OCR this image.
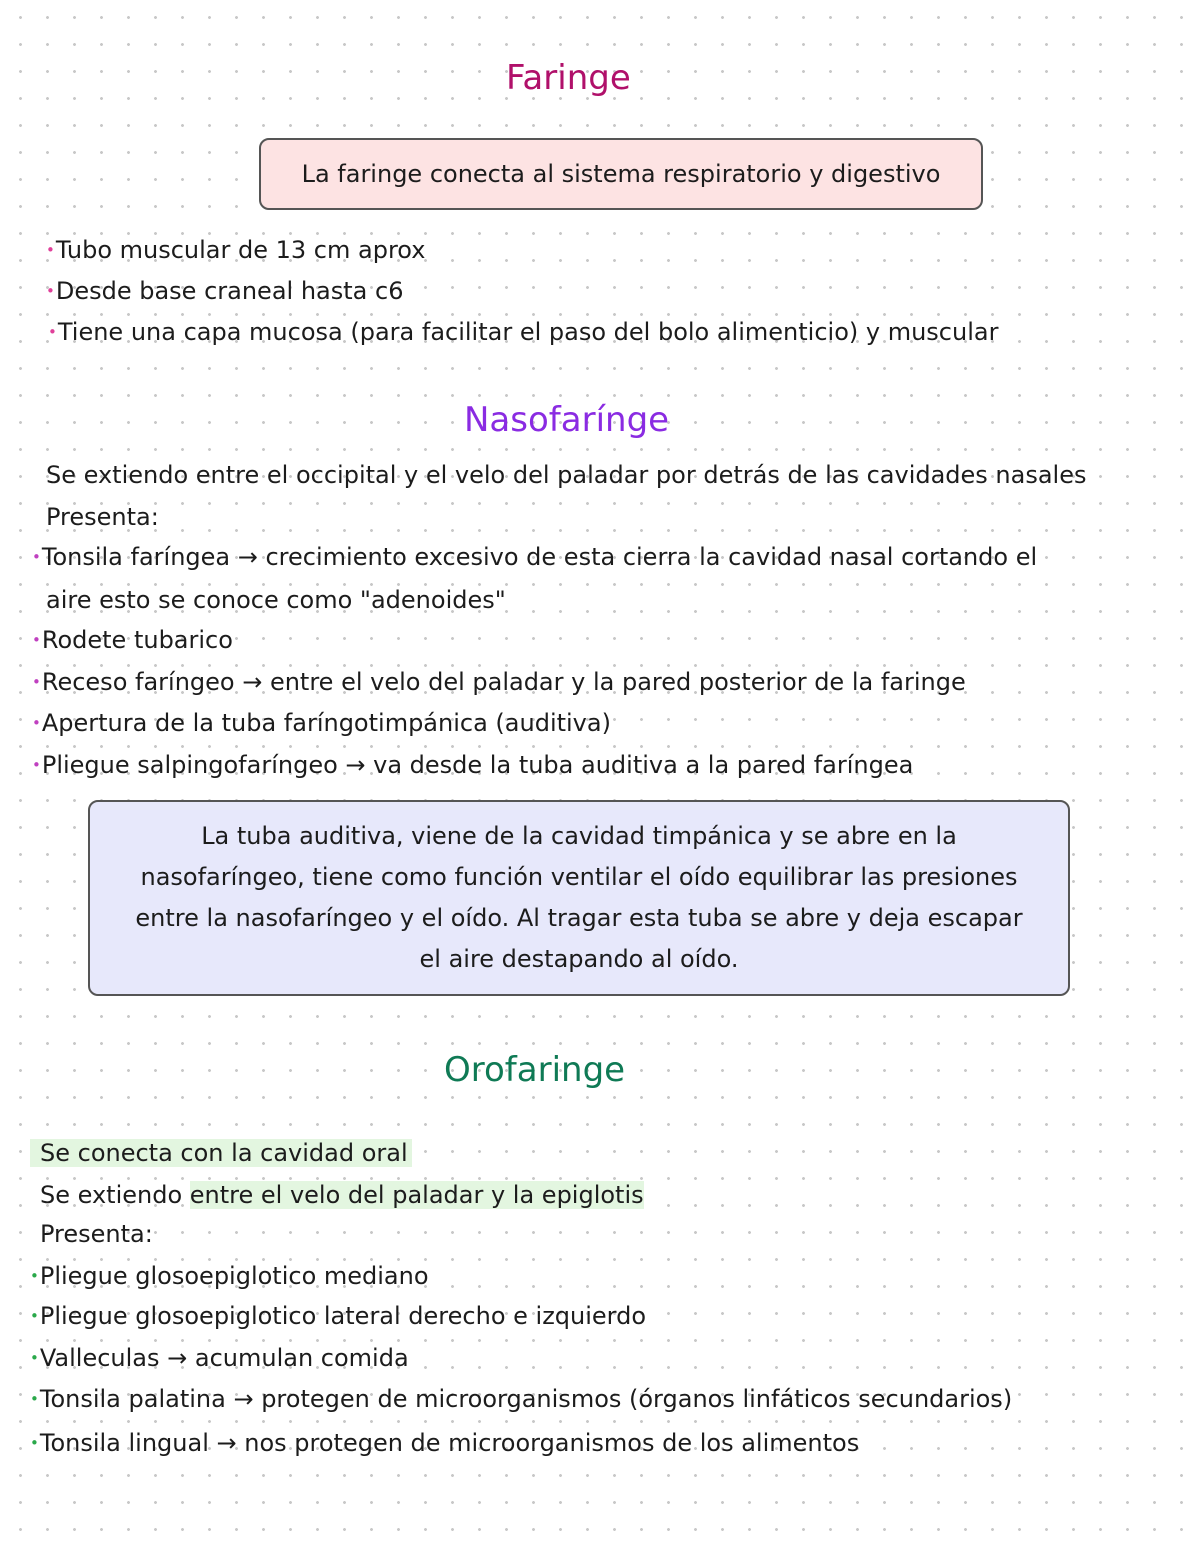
Faringe
La faringe conecta al sistema respiratorio y digestivo
•Tubo muscular de 13 cm aprox
•Desde base craneal hasta c6
•Tiene una capa mucosa (para facilitar el paso del bolo alimenticio) y muscular
Nasofarínge
Se extiendo entre el occipital y el velo del paladar por detrás de las cavidades nasales
Presenta:
•Tonsila faríngea → crecimiento excesivo de esta cierra la cavidad nasal cortando el
aire esto se conoce como "adenoides"
•Rodete tubarico
•Receso faríngeo → entre el velo del paladar y la pared posterior de la faringe
•Apertura de la tuba faríngotimpánica (auditiva)
•Pliegue salpingofaríngeo → va desde la tuba auditiva a la pared faríngea
La tuba auditiva, viene de la cavidad timpánica y se abre en la nasofaríngeo, tiene como función ventilar el oído equilibrar las presiones entre la nasofaríngeo y el oído. Al tragar esta tuba se abre y deja escapar el aire destapando al oído.
Orofaringe
Se conecta con la cavidad oral
Se extiendo entre el velo del paladar y la epiglotis
Presenta:
•Pliegue glosoepiglotico mediano
•Pliegue glosoepiglotico lateral derecho e izquierdo
•Valleculas → acumulan comida
•Tonsila palatina → protegen de microorganismos (órganos linfáticos secundarios)
•Tonsila lingual → nos protegen de microorganismos de los alimentos
